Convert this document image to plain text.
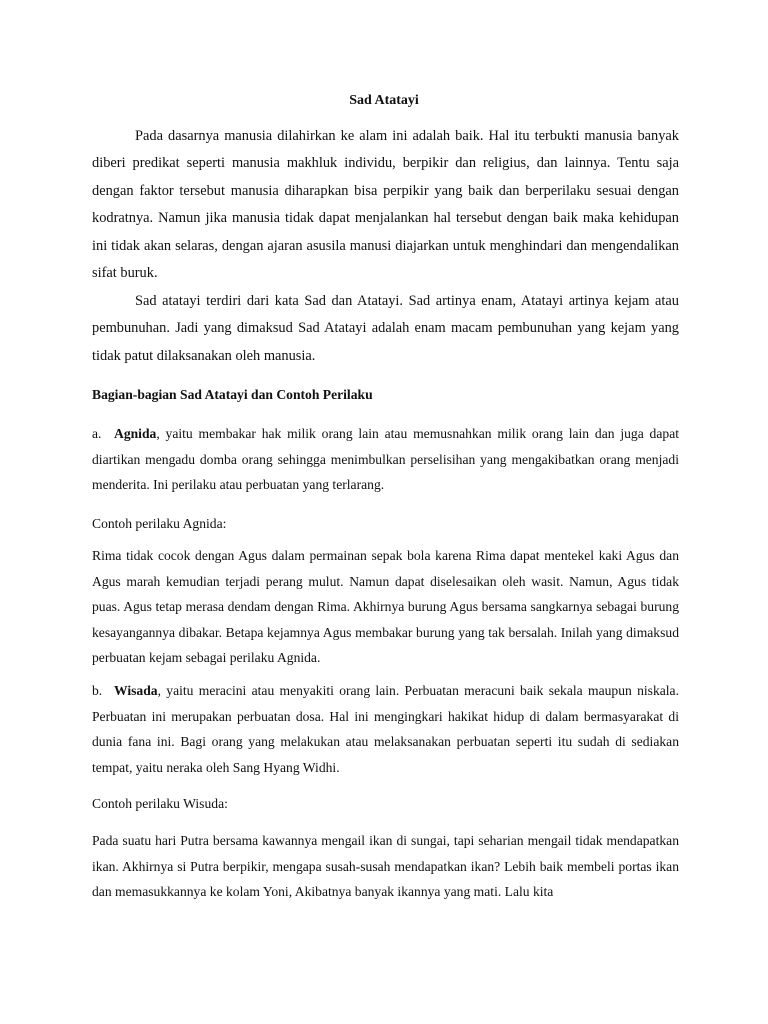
Sad Atatayi

Pada dasarnya manusia dilahirkan ke alam ini adalah baik. Hal itu terbukti manusia banyak diberi predikat seperti manusia makhluk individu, berpikir dan religius, dan lainnya. Tentu saja dengan faktor tersebut manusia diharapkan bisa perpikir yang baik dan berperilaku sesuai dengan kodratnya. Namun jika manusia tidak dapat menjalankan hal tersebut dengan baik maka kehidupan ini tidak akan selaras, dengan ajaran asusila manusi diajarkan untuk menghindari dan mengendalikan sifat buruk.

Sad atatayi terdiri dari kata Sad dan Atatayi. Sad artinya enam, Atatayi artinya kejam atau pembunuhan. Jadi yang dimaksud Sad Atatayi adalah enam macam pembunuhan yang kejam yang tidak patut dilaksanakan oleh manusia.

Bagian-bagian Sad Atatayi dan Contoh Perilaku

a. Agnida, yaitu membakar hak milik orang lain atau memusnahkan milik orang lain dan juga dapat diartikan mengadu domba orang sehingga menimbulkan perselisihan yang mengakibatkan orang menjadi menderita. Ini perilaku atau perbuatan yang terlarang.

Contoh perilaku Agnida:

Rima tidak cocok dengan Agus dalam permainan sepak bola karena Rima dapat mentekel kaki Agus dan Agus marah kemudian terjadi perang mulut. Namun dapat diselesaikan oleh wasit. Namun, Agus tidak puas. Agus tetap merasa dendam dengan Rima. Akhirnya burung Agus bersama sangkarnya sebagai burung kesayangannya dibakar. Betapa kejamnya Agus membakar burung yang tak bersalah. Inilah yang dimaksud perbuatan kejam sebagai perilaku Agnida.

b. Wisada, yaitu meracini atau menyakiti orang lain. Perbuatan meracuni baik sekala maupun niskala. Perbuatan ini merupakan perbuatan dosa. Hal ini mengingkari hakikat hidup di dalam bermasyarakat di dunia fana ini. Bagi orang yang melakukan atau melaksanakan perbuatan seperti itu sudah di sediakan tempat, yaitu neraka oleh Sang Hyang Widhi.

Contoh perilaku Wisuda:

Pada suatu hari Putra bersama kawannya mengail ikan di sungai, tapi seharian mengail tidak mendapatkan ikan. Akhirnya si Putra berpikir, mengapa susah-susah mendapatkan ikan? Lebih baik membeli portas ikan dan memasukkannya ke kolam Yoni, Akibatnya banyak ikannya yang mati. Lalu kita
